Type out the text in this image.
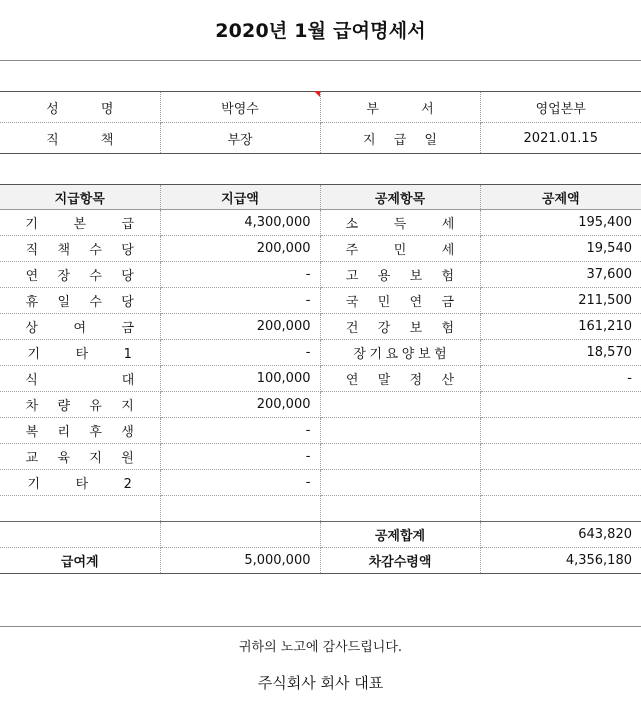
2020년 1월 급여명세서
성 명	박영수	부 서	영업본부
직 책	부장	지 급 일	2021.01.15
지급항목	지급액	공제항목	공제액
기본급	4,300,000	소득세	195,400
직책수당	200,000	주민세	19,540
연장수당	-	고용보험	37,600
휴일수당	-	국민연금	211,500
상여금	200,000	건강보험	161,210
기타1	-	장기요양보험	18,570
식대	100,000	연말정산	-
차량유지	200,000		
복리후생	-		
교육지원	-		
기타2	-		

		공제합계	643,820
급여계	5,000,000	차감수령액	4,356,180
귀하의 노고에 감사드립니다.
주식회사 회사 대표
